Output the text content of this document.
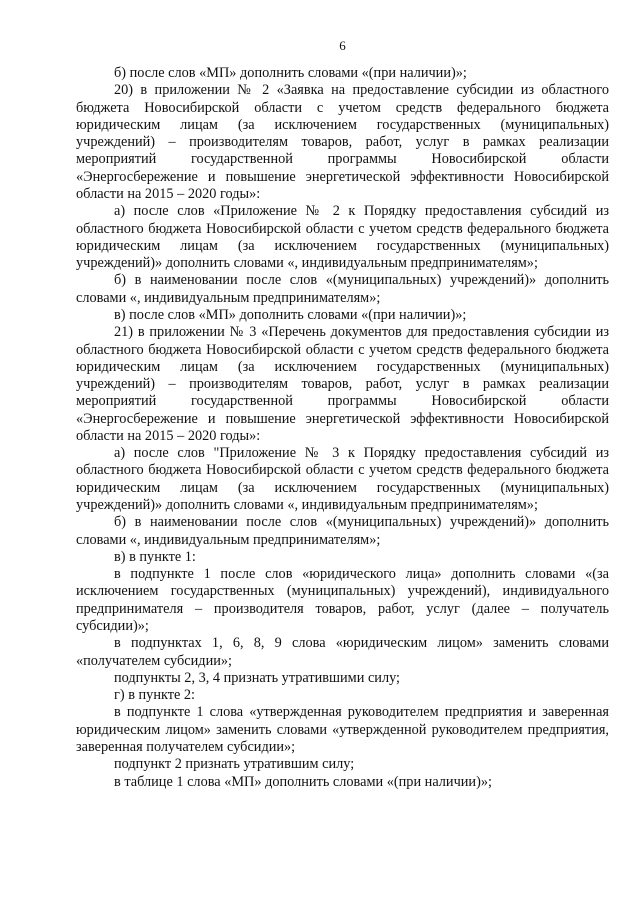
6

б) после слов «МП» дополнить словами «(при наличии)»;

20) в приложении № 2 «Заявка на предоставление субсидии из областного бюджета Новосибирской области с учетом средств федерального бюджета юридическим лицам (за исключением государственных (муниципальных) учреждений) – производителям товаров, работ, услуг в рамках реализации мероприятий государственной программы Новосибирской области «Энергосбережение и повышение энергетической эффективности Новосибирской области на 2015 – 2020 годы»:

а) после слов «Приложение № 2 к Порядку предоставления субсидий из областного бюджета Новосибирской области с учетом средств федерального бюджета юридическим лицам (за исключением государственных (муниципальных) учреждений)» дополнить словами «, индивидуальным предпринимателям»;

б) в наименовании после слов «(муниципальных) учреждений)» дополнить словами «, индивидуальным предпринимателям»;

в) после слов «МП» дополнить словами «(при наличии)»;

21) в приложении № 3 «Перечень документов для предоставления субсидии из областного бюджета Новосибирской области с учетом средств федерального бюджета юридическим лицам (за исключением государственных (муниципальных) учреждений) – производителям товаров, работ, услуг в рамках реализации мероприятий государственной программы Новосибирской области «Энергосбережение и повышение энергетической эффективности Новосибирской области на 2015 – 2020 годы»:

а) после слов "Приложение № 3 к Порядку предоставления субсидий из областного бюджета Новосибирской области с учетом средств федерального бюджета юридическим лицам (за исключением государственных (муниципальных) учреждений)» дополнить словами «, индивидуальным предпринимателям»;

б) в наименовании после слов «(муниципальных) учреждений)» дополнить словами «, индивидуальным предпринимателям»;

в) в пункте 1:

в подпункте 1 после слов «юридического лица» дополнить словами «(за исключением государственных (муниципальных) учреждений), индивидуального предпринимателя – производителя товаров, работ, услуг (далее – получатель субсидии)»;

в подпунктах 1, 6, 8, 9 слова «юридическим лицом» заменить словами «получателем субсидии»;

подпункты 2, 3, 4 признать утратившими силу;

г) в пункте 2:

в подпункте 1 слова «утвержденная руководителем предприятия и заверенная юридическим лицом» заменить словами «утвержденной руководителем предприятия, заверенная получателем субсидии»;

подпункт 2 признать утратившим силу;

в таблице 1 слова «МП» дополнить словами «(при наличии)»;
